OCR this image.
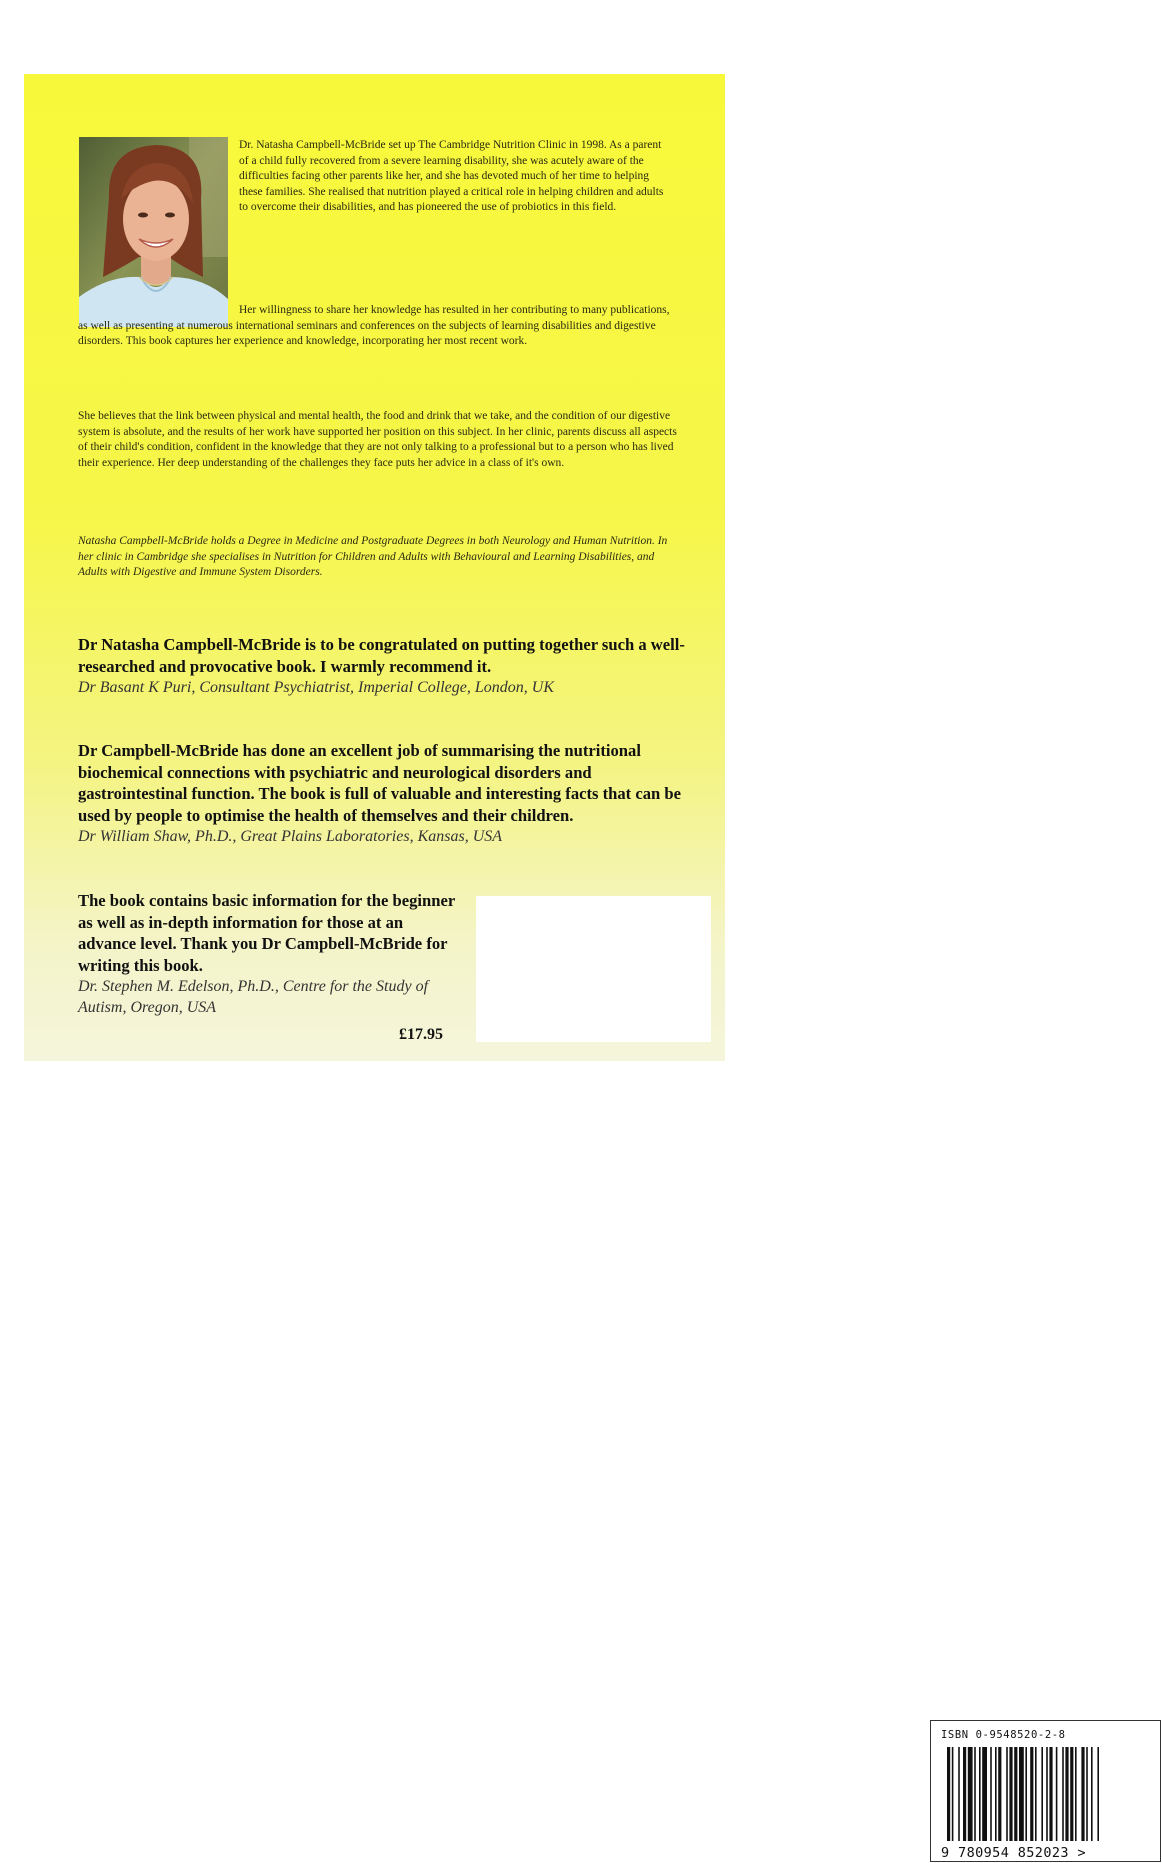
Dr. Natasha Campbell-McBride set up The Cambridge Nutrition Clinic in 1998. As a parent of a child fully recovered from a severe learning disability, she was acutely aware of the difficulties facing other parents like her, and she has devoted much of her time to helping these families. She realised that nutrition played a critical role in helping children and adults to overcome their disabilities, and has pioneered the use of probiotics in this field.

Her willingness to share her knowledge has resulted in her contributing to many publications, as well as presenting at numerous international seminars and conferences on the subjects of learning disabilities and digestive disorders. This book captures her experience and knowledge, incorporating her most recent work.

She believes that the link between physical and mental health, the food and drink that we take, and the condition of our digestive system is absolute, and the results of her work have supported her position on this subject. In her clinic, parents discuss all aspects of their child's condition, confident in the knowledge that they are not only talking to a professional but to a person who has lived their experience. Her deep understanding of the challenges they face puts her advice in a class of it's own.

Natasha Campbell-McBride holds a Degree in Medicine and Postgraduate Degrees in both Neurology and Human Nutrition. In her clinic in Cambridge she specialises in Nutrition for Children and Adults with Behavioural and Learning Disabilities, and Adults with Digestive and Immune System Disorders.

Dr Natasha Campbell-McBride is to be congratulated on putting together such a well-researched and provocative book. I warmly recommend it.

Dr Basant K Puri, Consultant Psychiatrist, Imperial College, London, UK

Dr Campbell-McBride has done an excellent job of summarising the nutritional biochemical connections with psychiatric and neurological disorders and gastrointestinal function. The book is full of valuable and interesting facts that can be used by people to optimise the health of themselves and their children.

Dr William Shaw, Ph.D., Great Plains Laboratories, Kansas, USA

The book contains basic information for the beginner as well as in-depth information for those at an advance level. Thank you Dr Campbell-McBride for writing this book.

Dr. Stephen M. Edelson, Ph.D., Centre for the Study of Autism, Oregon, USA

£17.95
ISBN 0-9548520-2-8
9 780954 852023 >
